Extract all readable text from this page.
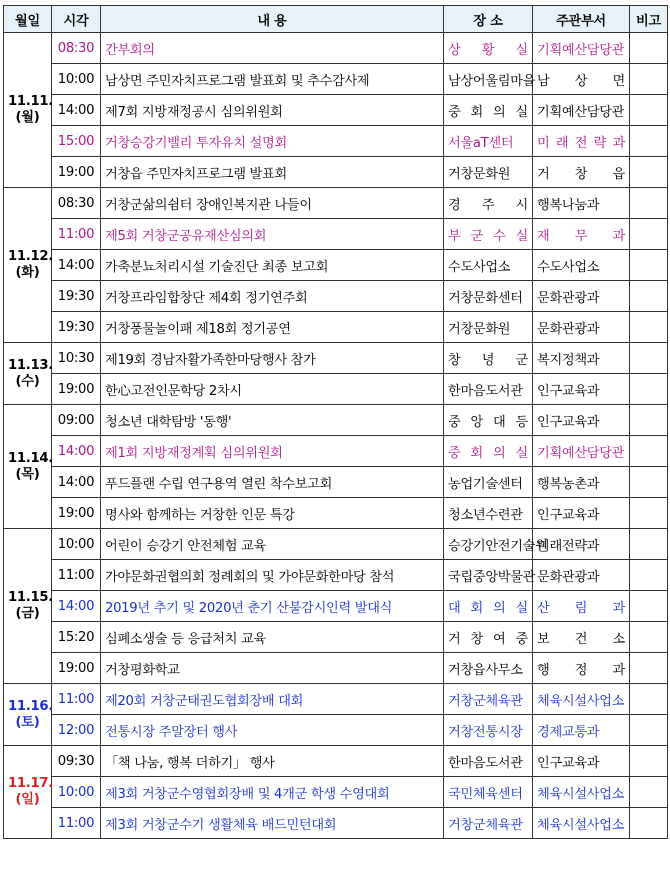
월일	시각	내 용	장 소	주관부서	비고

11.11.
(월)	08:30	간부회의	상 황 실	기획예산담당관	
	10:00	남상면 주민자치프로그램 발표회 및 추수감사제	남상어울림마을	남 상 면	
	14:00	제7회 지방재정공시 심의위원회	중 회 의 실	기획예산담당관	
	15:00	거창승강기밸리 투자유치 설명회	서울aT센터	미 래 전 략 과	
	19:00	거창읍 주민자치프로그램 발표회	거창문화원	거 창 읍	

11.12.
(화)	08:30	거창군삶의쉼터 장애인복지관 나들이	경 주 시	행복나눔과	
	11:00	제5회 거창군공유재산심의회	부 군 수 실	재 무 과	
	14:00	가축분뇨처리시설 기술진단 최종 보고회	수도사업소	수도사업소	
	19:30	거창프라임합창단 제4회 정기연주회	거창문화센터	문화관광과	
	19:30	거창풍물놀이패 제18회 정기공연	거창문화원	문화관광과	

11.13.
(수)	10:30	제19회 경남자활가족한마당행사 참가	창 녕 군	복지정책과	
	19:00	한心고전인문학당 2차시	한마음도서관	인구교육과	

11.14.
(목)	09:00	청소년 대학탐방 '동행'	중 앙 대 등	인구교육과	
	14:00	제1회 지방재정계획 심의위원회	중 회 의 실	기획예산담당관	
	14:00	푸드플랜 수립 연구용역 열린 착수보고회	농업기술센터	행복농촌과	
	19:00	명사와 함께하는 거창한 인문 특강	청소년수련관	인구교육과	

11.15.
(금)	10:00	어린이 승강기 안전체험 교육	승강기안전기술원	미래전략과	
	11:00	가야문화권협의회 정례회의 및 가야문화한마당 참석	국립중앙박물관	문화관광과	
	14:00	2019년 추기 및 2020년 춘기 산불감시인력 발대식	대 회 의 실	산 림 과	
	15:20	심폐소생술 등 응급처치 교육	거 창 여 중	보 건 소	
	19:00	거창평화학교	거창읍사무소	행 정 과	

11.16.
(토)	11:00	제20회 거창군태권도협회장배 대회	거창군체육관	체육시설사업소	
	12:00	전통시장 주말장터 행사	거창전통시장	경제교통과	

11.17.
(일)	09:30	「책 나눔, 행복 더하기」 행사	한마음도서관	인구교육과	
	10:00	제3회 거창군수영협회장배 및 4개군 학생 수영대회	국민체육센터	체육시설사업소	
	11:00	제3회 거창군수기 생활체육 배드민턴대회	거창군체육관	체육시설사업소	
